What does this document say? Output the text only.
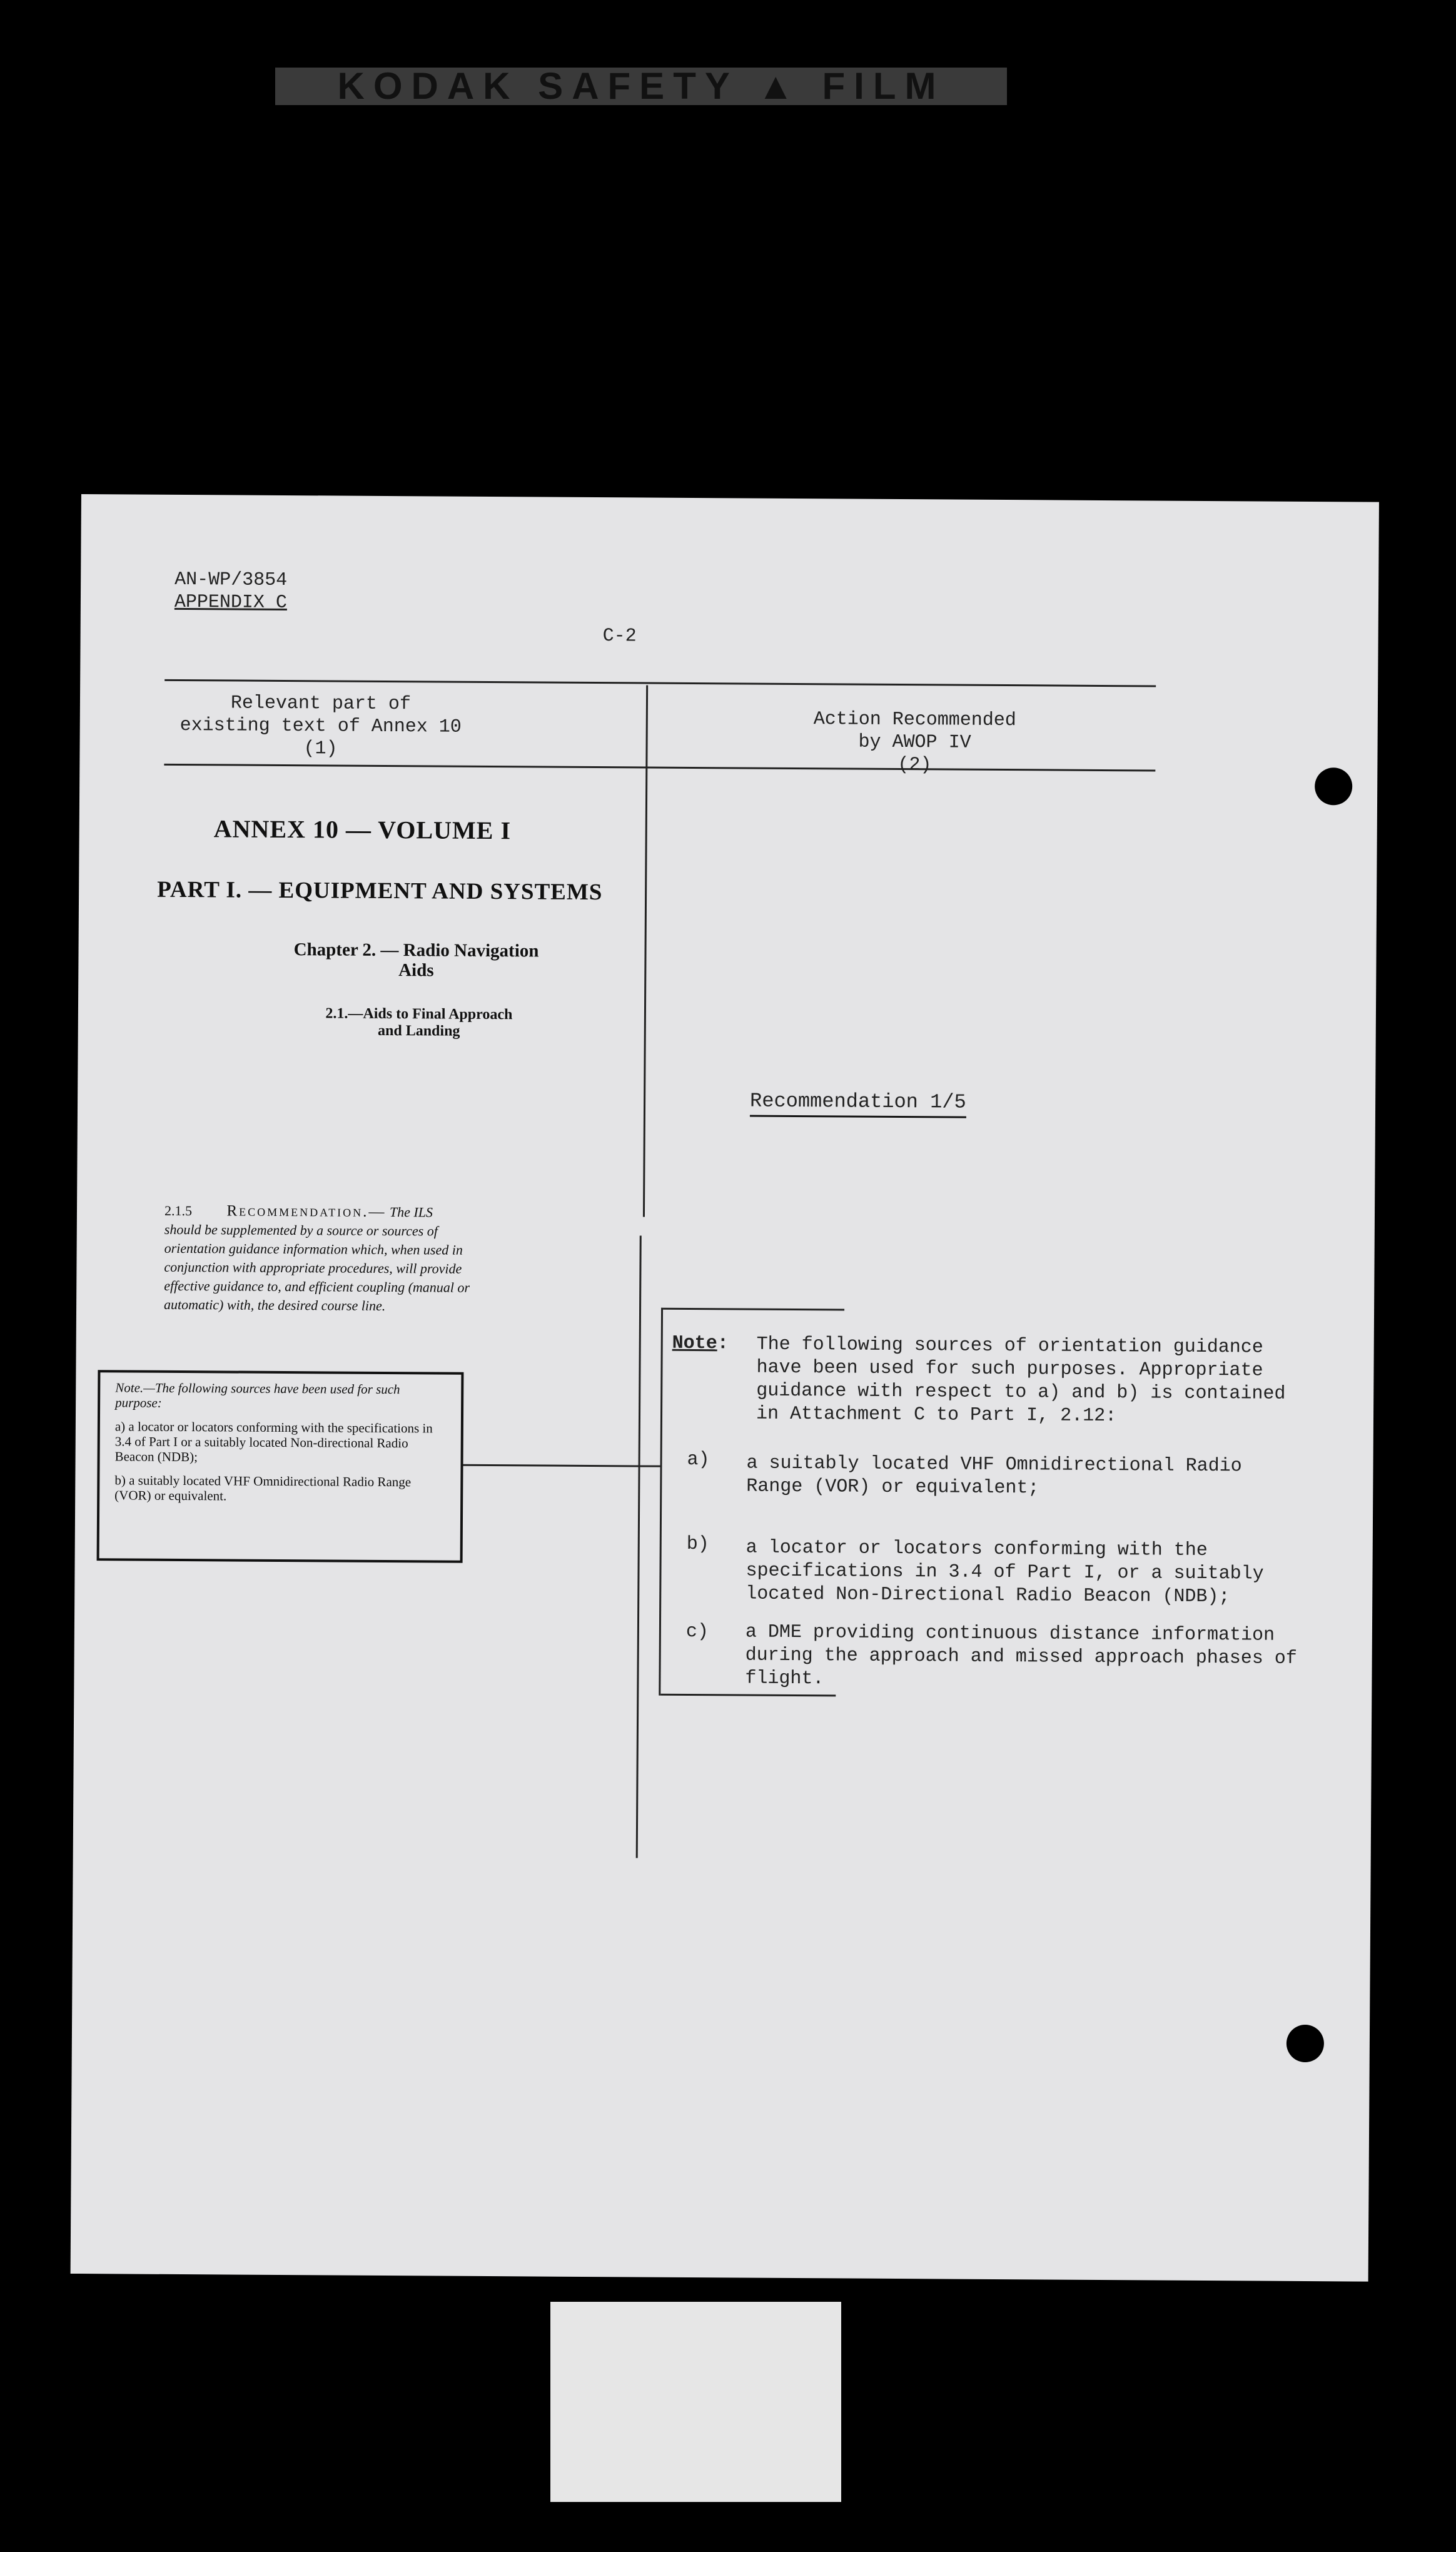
KODAK SAFETY ▲ FILM
AN-WP/3854
APPENDIX C
C-2
Relevant part of
existing text of Annex 10
(1)
Action Recommended
by AWOP IV
(2)
ANNEX 10 — VOLUME I
PART I. — EQUIPMENT AND SYSTEMS
Chapter 2. — Radio Navigation
Aids
2.1.—Aids to Final Approach
and Landing
Recommendation 1/5
2.1.5 Recommendation.— The ILS should be supplemented by a source or sources of orientation guidance information which, when used in conjunction with appropriate procedures, will provide effective guidance to, and efficient coupling (manual or automatic) with, the desired course line.

Note.—The following sources have been used for such purpose:

a) a locator or locators conforming with the specifications in 3.4 of Part I or a suitably located Non-directional Radio Beacon (NDB);

b) a suitably located VHF Omnidirectional Radio Range (VOR) or equivalent.

Note: The following sources of orientation guidance have been used for such purposes. Appropriate guidance with respect to a) and b) is contained in Attachment C to Part I, 2.12:
a) a suitably located VHF Omnidirectional Radio Range (VOR) or equivalent;
b) a locator or locators conforming with the specifications in 3.4 of Part I, or a suitably located Non-Directional Radio Beacon (NDB);
c) a DME providing continuous distance information during the approach and missed approach phases of flight.
